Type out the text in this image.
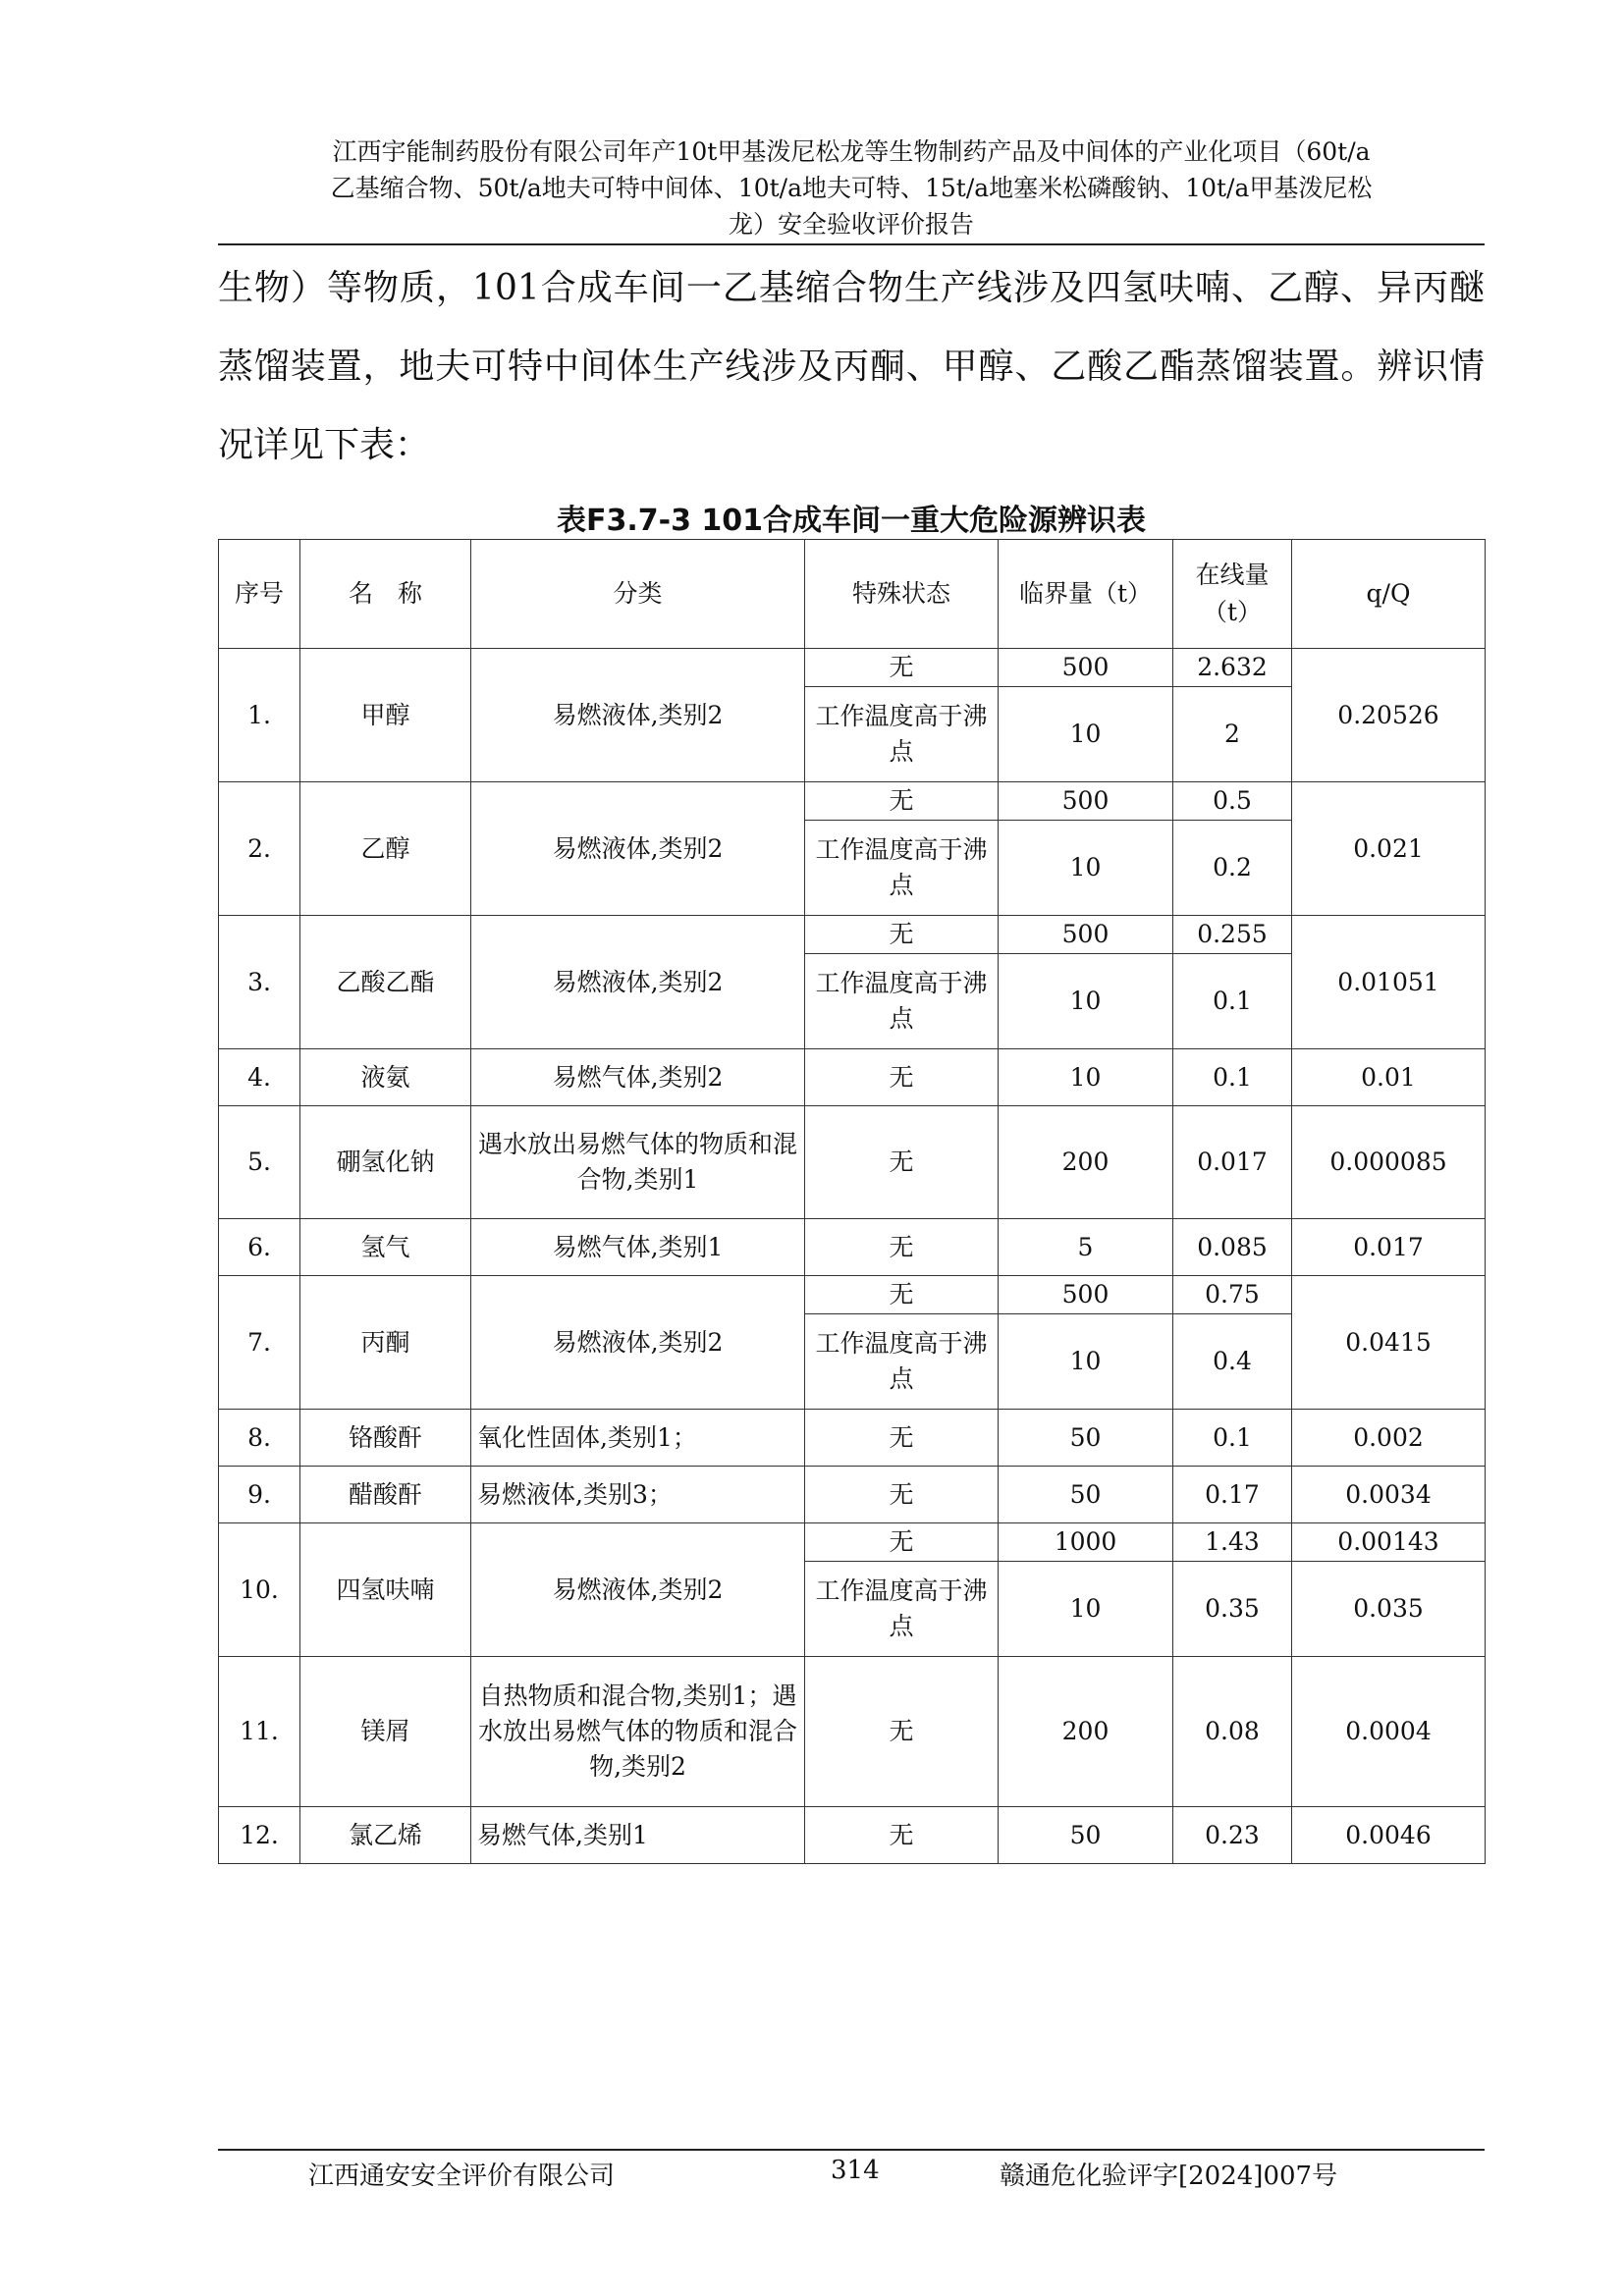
江西宇能制药股份有限公司年产10t甲基泼尼松龙等生物制药产品及中间体的产业化项目（60t/a
乙基缩合物、50t/a地夫可特中间体、10t/a地夫可特、15t/a地塞米松磷酸钠、10t/a甲基泼尼松
龙）安全验收评价报告
生物）等物质，101合成车间一乙基缩合物生产线涉及四氢呋喃、乙醇、异丙醚蒸馏装置，地夫可特中间体生产线涉及丙酮、甲醇、乙酸乙酯蒸馏装置。辨识情况详见下表：
表F3.7-3 101合成车间一重大危险源辨识表
序号	名　称	分类	特殊状态	临界量（t）	在线量（t）	q/Q
1.	甲醇	易燃液体,类别2	无	500	2.632	0.20526
			工作温度高于沸点	10	2	
2.	乙醇	易燃液体,类别2	无	500	0.5	0.021
			工作温度高于沸点	10	0.2	
3.	乙酸乙酯	易燃液体,类别2	无	500	0.255	0.01051
			工作温度高于沸点	10	0.1	
4.	液氨	易燃气体,类别2	无	10	0.1	0.01
5.	硼氢化钠	遇水放出易燃气体的物质和混合物,类别1	无	200	0.017	0.000085
6.	氢气	易燃气体,类别1	无	5	0.085	0.017
7.	丙酮	易燃液体,类别2	无	500	0.75	0.0415
			工作温度高于沸点	10	0.4	
8.	铬酸酐	氧化性固体,类别1；	无	50	0.1	0.002
9.	醋酸酐	易燃液体,类别3；	无	50	0.17	0.0034
10.	四氢呋喃	易燃液体,类别2	无	1000	1.43	0.00143
			工作温度高于沸点	10	0.35	0.035
11.	镁屑	自热物质和混合物,类别1；遇水放出易燃气体的物质和混合物,类别2	无	200	0.08	0.0004
12.	氯乙烯	易燃气体,类别1	无	50	0.23	0.0046
江西通安安全评价有限公司	314	赣通危化验评字[2024]007号
